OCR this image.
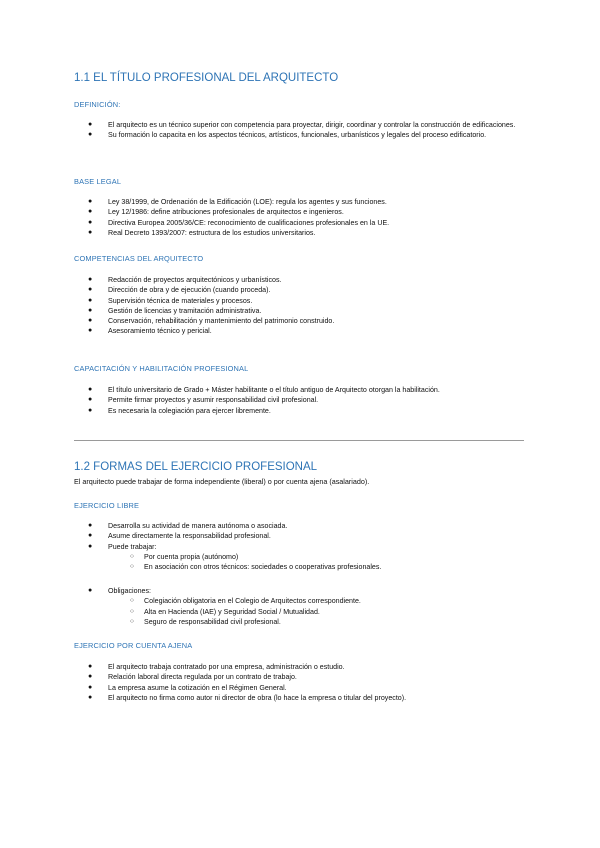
1.1 EL TÍTULO PROFESIONAL DEL ARQUITECTO
DEFINICIÓN:
● El arquitecto es un técnico superior con competencia para proyectar, dirigir, coordinar y controlar la construcción de edificaciones.
● Su formación lo capacita en los aspectos técnicos, artísticos, funcionales, urbanísticos y legales del proceso edificatorio.
BASE LEGAL
● Ley 38/1999, de Ordenación de la Edificación (LOE): regula los agentes y sus funciones.
● Ley 12/1986: define atribuciones profesionales de arquitectos e ingenieros.
● Directiva Europea 2005/36/CE: reconocimiento de cualificaciones profesionales en la UE.
● Real Decreto 1393/2007: estructura de los estudios universitarios.
COMPETENCIAS DEL ARQUITECTO
● Redacción de proyectos arquitectónicos y urbanísticos.
● Dirección de obra y de ejecución (cuando proceda).
● Supervisión técnica de materiales y procesos.
● Gestión de licencias y tramitación administrativa.
● Conservación, rehabilitación y mantenimiento del patrimonio construido.
● Asesoramiento técnico y pericial.
CAPACITACIÓN Y HABILITACIÓN PROFESIONAL
● El título universitario de Grado + Máster habilitante o el título antiguo de Arquitecto otorgan la habilitación.
● Permite firmar proyectos y asumir responsabilidad civil profesional.
● Es necesaria la colegiación para ejercer libremente.
1.2 FORMAS DEL EJERCICIO PROFESIONAL
El arquitecto puede trabajar de forma independiente (liberal) o por cuenta ajena (asalariado).
EJERCICIO LIBRE
● Desarrolla su actividad de manera autónoma o asociada.
● Asume directamente la responsabilidad profesional.
● Puede trabajar:
○ Por cuenta propia (autónomo)
○ En asociación con otros técnicos: sociedades o cooperativas profesionales.
● Obligaciones:
○ Colegiación obligatoria en el Colegio de Arquitectos correspondiente.
○ Alta en Hacienda (IAE) y Seguridad Social / Mutualidad.
○ Seguro de responsabilidad civil profesional.
EJERCICIO POR CUENTA AJENA
● El arquitecto trabaja contratado por una empresa, administración o estudio.
● Relación laboral directa regulada por un contrato de trabajo.
● La empresa asume la cotización en el Régimen General.
● El arquitecto no firma como autor ni director de obra (lo hace la empresa o titular del proyecto).
